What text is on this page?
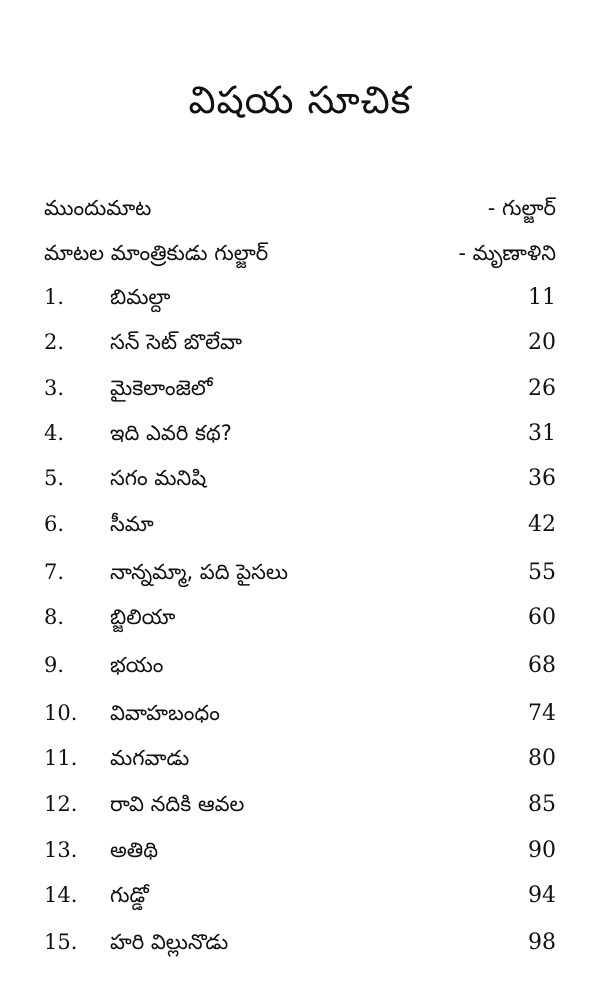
విషయ సూచిక
ముందుమాట	- గుల్జార్
మాటల మాంత్రికుడు గుల్జార్	- మృణాళిని
1. బిమల్దా	11
2. సన్ సెట్ బొలేవా	20
3. మైకెలాంజెలో	26
4. ఇది ఎవరి కథ?	31
5. సగం మనిషి	36
6. సీమా	42
7. నాన్నమ్మా, పది పైసలు	55
8. బ్జిలియా	60
9. భయం	68
10. వివాహబంధం	74
11. మగవాడు	80
12. రావి నదికి ఆవల	85
13. అతిథి	90
14. గుడ్డో	94
15. హరి విల్లునొడు	98
